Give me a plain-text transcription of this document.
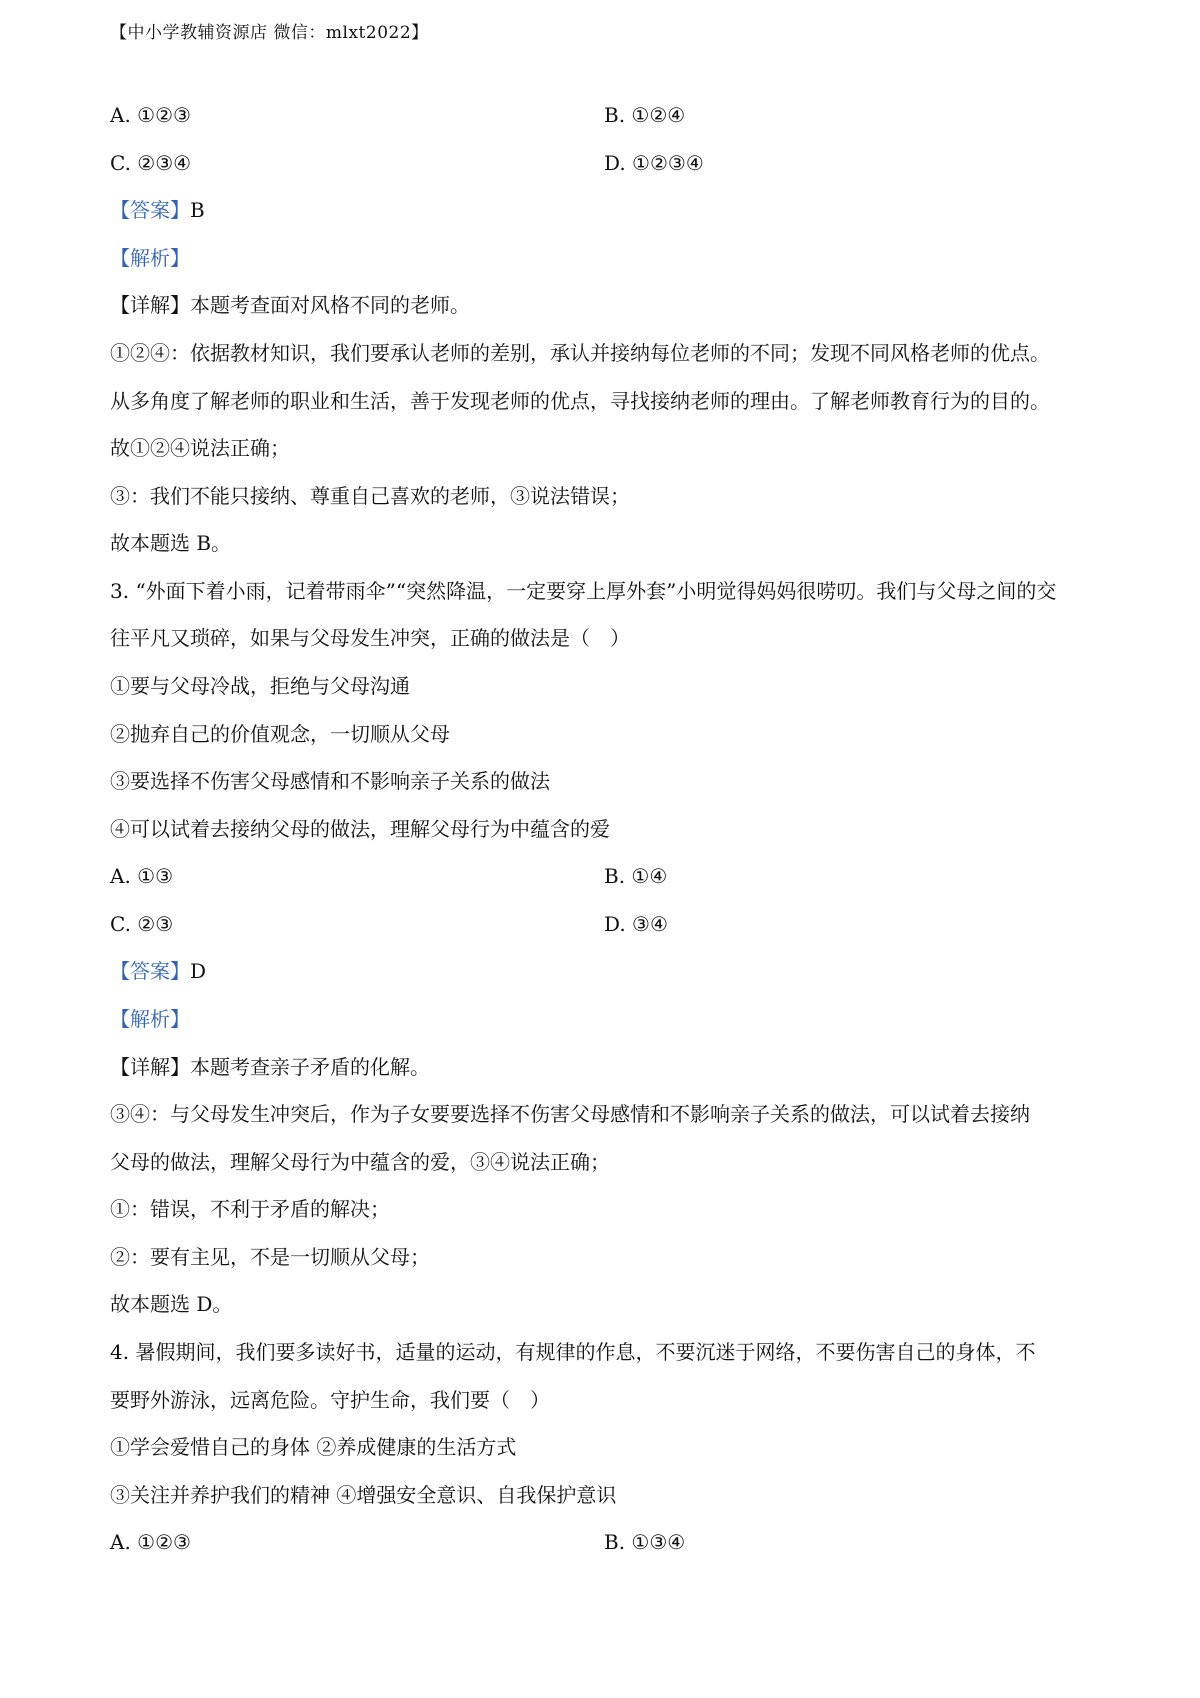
【中小学教辅资源店 微信：mlxt2022】
A. ①②③	B. ①②④
C. ②③④	D. ①②③④
【答案】B
【解析】
【详解】本题考查面对风格不同的老师。
①②④：依据教材知识，我们要承认老师的差别，承认并接纳每位老师的不同；发现不同风格老师的优点。
从多角度了解老师的职业和生活，善于发现老师的优点，寻找接纳老师的理由。了解老师教育行为的目的。
故①②④说法正确；
③：我们不能只接纳、尊重自己喜欢的老师，③说法错误；
故本题选 B。
3. “外面下着小雨，记着带雨伞”“突然降温，一定要穿上厚外套”小明觉得妈妈很唠叨。我们与父母之间的交
往平凡又琐碎，如果与父母发生冲突，正确的做法是（　）
①要与父母冷战，拒绝与父母沟通
②抛弃自己的价值观念，一切顺从父母
③要选择不伤害父母感情和不影响亲子关系的做法
④可以试着去接纳父母的做法，理解父母行为中蕴含的爱
A. ①③	B. ①④
C. ②③	D. ③④
【答案】D
【解析】
【详解】本题考查亲子矛盾的化解。
③④：与父母发生冲突后，作为子女要要选择不伤害父母感情和不影响亲子关系的做法，可以试着去接纳
父母的做法，理解父母行为中蕴含的爱，③④说法正确；
①：错误，不利于矛盾的解决；
②：要有主见，不是一切顺从父母；
故本题选 D。
4. 暑假期间，我们要多读好书，适量的运动，有规律的作息，不要沉迷于网络，不要伤害自己的身体，不
要野外游泳，远离危险。守护生命，我们要（　）
①学会爱惜自己的身体 ②养成健康的生活方式
③关注并养护我们的精神 ④增强安全意识、自我保护意识
A. ①②③	B. ①③④
